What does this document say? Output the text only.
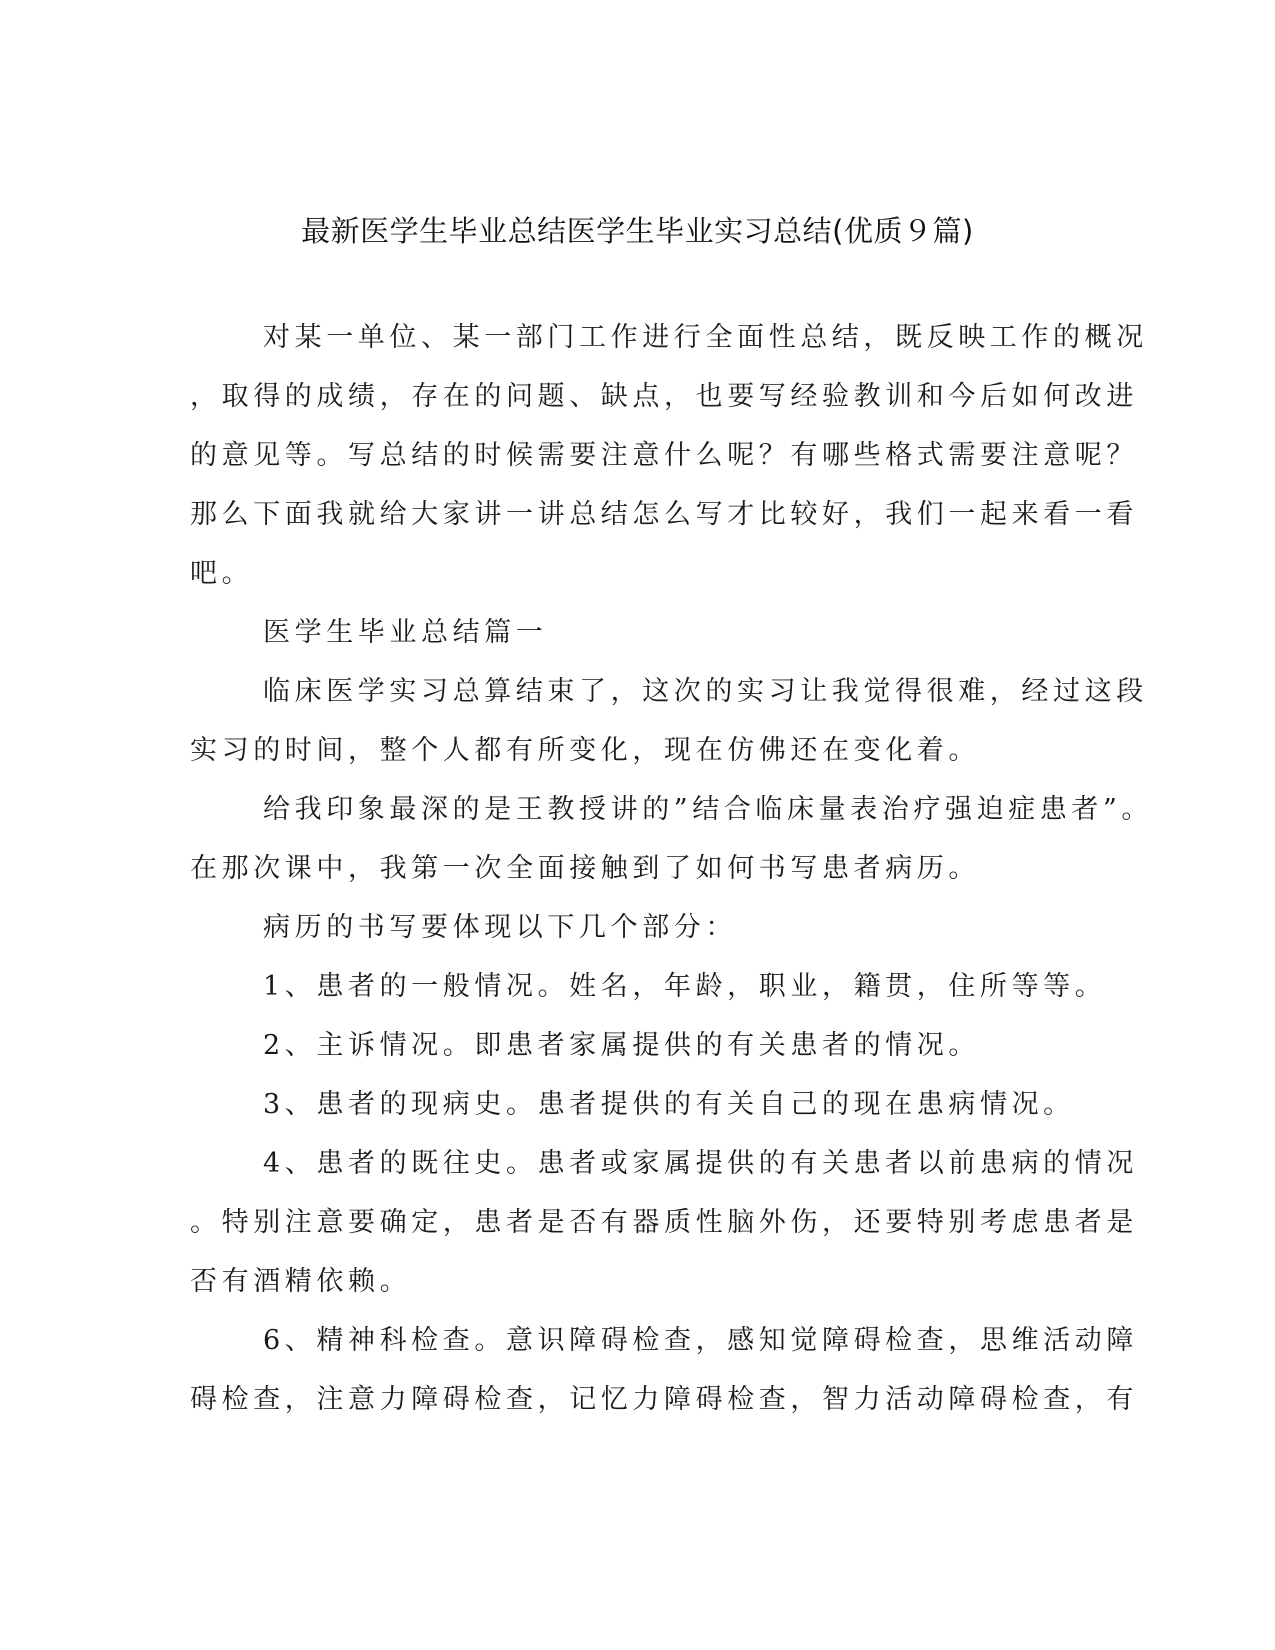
最新医学生毕业总结医学生毕业实习总结(优质９篇)
对某一单位、某一部门工作进行全面性总结，既反映工作的概况
，取得的成绩，存在的问题、缺点，也要写经验教训和今后如何改进
的意见等。写总结的时候需要注意什么呢？有哪些格式需要注意呢？
那么下面我就给大家讲一讲总结怎么写才比较好，我们一起来看一看
吧。
医学生毕业总结篇一
临床医学实习总算结束了，这次的实习让我觉得很难，经过这段
实习的时间，整个人都有所变化，现在仿佛还在变化着。
给我印象最深的是王教授讲的”结合临床量表治疗强迫症患者”。
在那次课中，我第一次全面接触到了如何书写患者病历。
病历的书写要体现以下几个部分：
1、患者的一般情况。姓名，年龄，职业，籍贯，住所等等。
2、主诉情况。即患者家属提供的有关患者的情况。
3、患者的现病史。患者提供的有关自己的现在患病情况。
4、患者的既往史。患者或家属提供的有关患者以前患病的情况
。特别注意要确定，患者是否有器质性脑外伤，还要特别考虑患者是
否有酒精依赖。
6、精神科检查。意识障碍检查，感知觉障碍检查，思维活动障
碍检查，注意力障碍检查，记忆力障碍检查，智力活动障碍检查，有
